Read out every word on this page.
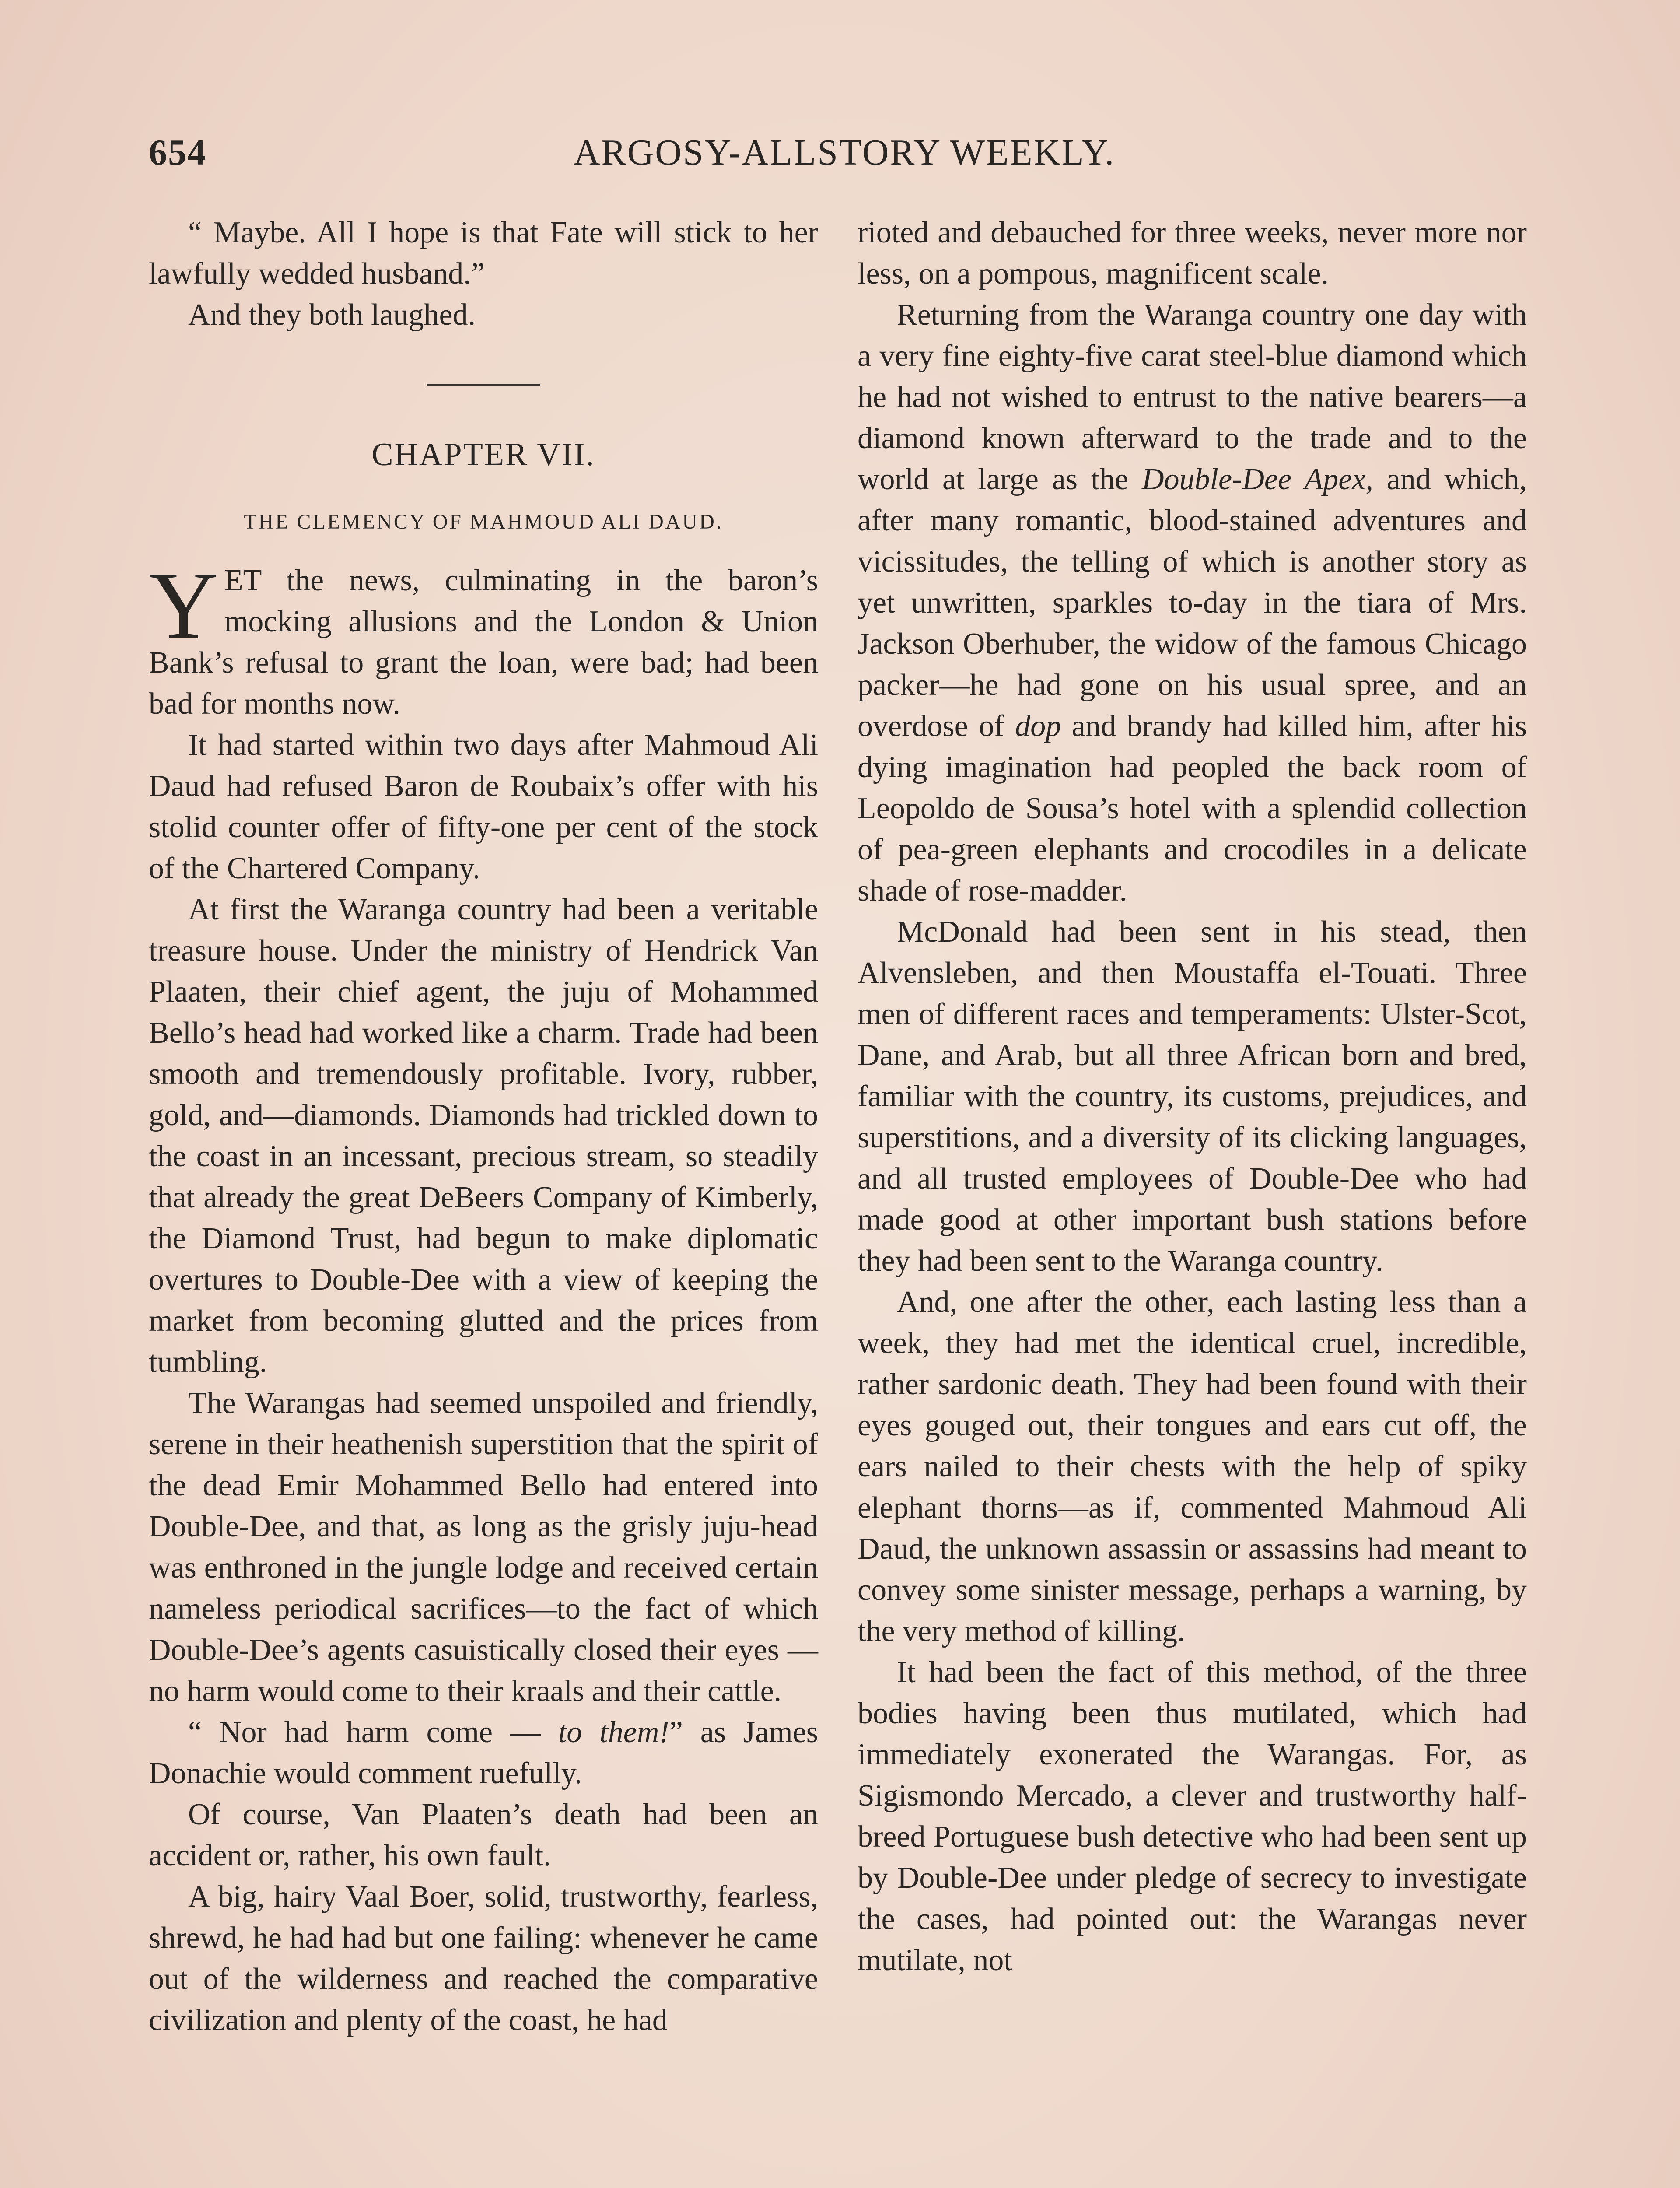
654	ARGOSY-ALLSTORY WEEKLY.

“ Maybe. All I hope is that Fate will stick to her lawfully wedded husband.”

And they both laughed.

CHAPTER VII.
THE CLEMENCY OF MAHMOUD ALI DAUD.

YET the news, culminating in the baron’s mocking allusions and the London & Union Bank’s refusal to grant the loan, were bad; had been bad for months now.

It had started within two days after Mahmoud Ali Daud had refused Baron de Roubaix’s offer with his stolid counter offer of fifty-one per cent of the stock of the Chartered Company.

At first the Waranga country had been a veritable treasure house. Under the ministry of Hendrick Van Plaaten, their chief agent, the juju of Mohammed Bello’s head had worked like a charm. Trade had been smooth and tremendously profitable. Ivory, rubber, gold, and—diamonds. Diamonds had trickled down to the coast in an incessant, precious stream, so steadily that already the great DeBeers Company of Kimberly, the Diamond Trust, had begun to make diplomatic overtures to Double-Dee with a view of keeping the market from becoming glutted and the prices from tumbling.

The Warangas had seemed unspoiled and friendly, serene in their heathenish superstition that the spirit of the dead Emir Mohammed Bello had entered into Double-Dee, and that, as long as the grisly juju-head was enthroned in the jungle lodge and received certain nameless periodical sacrifices—to the fact of which Double-Dee’s agents casuistically closed their eyes —no harm would come to their kraals and their cattle.

“ Nor had harm come — to them!” as James Donachie would comment ruefully.

Of course, Van Plaaten’s death had been an accident or, rather, his own fault.

A big, hairy Vaal Boer, solid, trustworthy, fearless, shrewd, he had had but one failing: whenever he came out of the wilderness and reached the comparative civilization and plenty of the coast, he had

rioted and debauched for three weeks, never more nor less, on a pompous, magnificent scale.

Returning from the Waranga country one day with a very fine eighty-five carat steel-blue diamond which he had not wished to entrust to the native bearers—a diamond known afterward to the trade and to the world at large as the Double-Dee Apex, and which, after many romantic, blood-stained adventures and vicissitudes, the telling of which is another story as yet unwritten, sparkles to-day in the tiara of Mrs. Jackson Oberhuber, the widow of the famous Chicago packer—he had gone on his usual spree, and an overdose of dop and brandy had killed him, after his dying imagination had peopled the back room of Leopoldo de Sousa’s hotel with a splendid collection of pea-green elephants and crocodiles in a delicate shade of rose-madder.

McDonald had been sent in his stead, then Alvensleben, and then Moustaffa el-Touati. Three men of different races and temperaments: Ulster-Scot, Dane, and Arab, but all three African born and bred, familiar with the country, its customs, prejudices, and superstitions, and a diversity of its clicking languages, and all trusted employees of Double-Dee who had made good at other important bush stations before they had been sent to the Waranga country.

And, one after the other, each lasting less than a week, they had met the identical cruel, incredible, rather sardonic death. They had been found with their eyes gouged out, their tongues and ears cut off, the ears nailed to their chests with the help of spiky elephant thorns—as if, commented Mahmoud Ali Daud, the unknown assassin or assassins had meant to convey some sinister message, perhaps a warning, by the very method of killing.

It had been the fact of this method, of the three bodies having been thus mutilated, which had immediately exonerated the Warangas. For, as Sigismondo Mercado, a clever and trustworthy half-breed Portuguese bush detective who had been sent up by Double-Dee under pledge of secrecy to investigate the cases, had pointed out: the Warangas never mutilate, not
